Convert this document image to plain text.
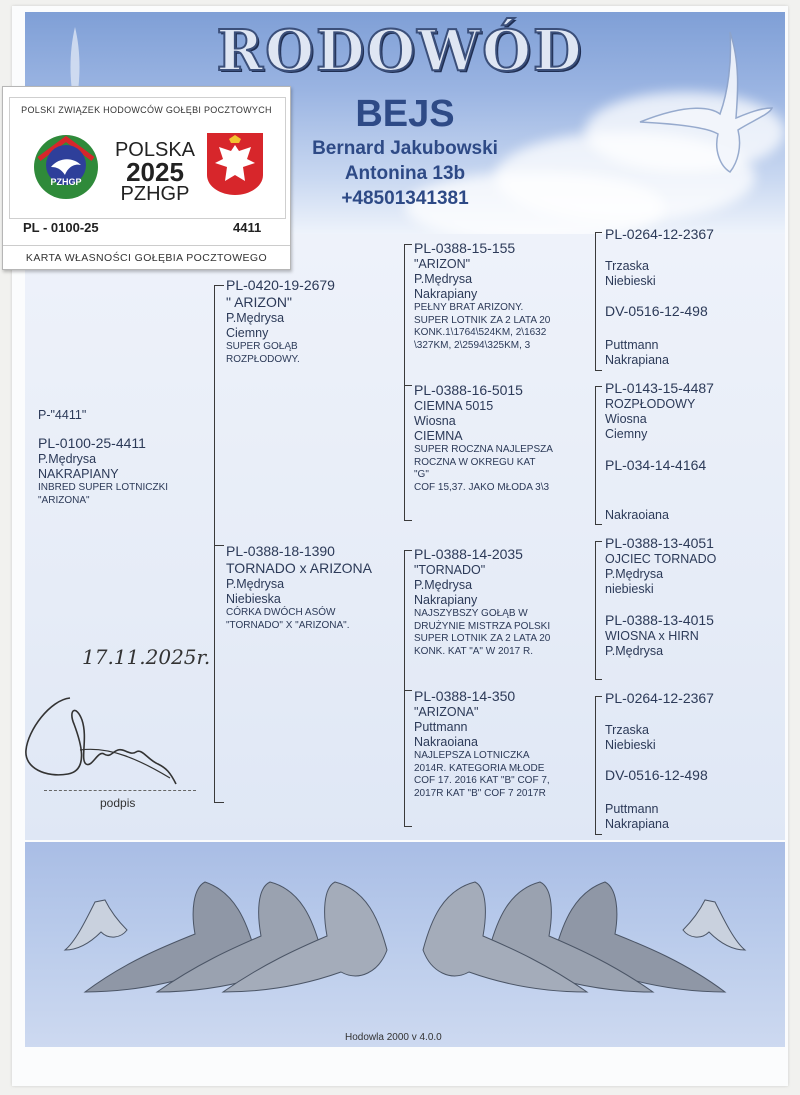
RODOWÓD
BEJS
Bernard Jakubowski
Antonina 13b
+48501341381
POLSKI ZWIĄZEK HODOWCÓW GOŁĘBI POCZTOWYCH
PZHGP
POLSKA
2025
PZHGP
PL - 0100-25	4411
KARTA WŁASNOŚCI GOŁĘBIA POCZTOWEGO
P-"4411"
PL-0100-25-4411
P.Mędrysa
NAKRAPIANY
INBRED SUPER LOTNICZKI
"ARIZONA"
PL-0420-19-2679
" ARIZON"
P.Mędrysa
Ciemny
SUPER GOŁĄB
ROZPŁODOWY.
PL-0388-18-1390
TORNADO x ARIZONA
P.Mędrysa
Niebieska
CÓRKA DWÓCH ASÓW
"TORNADO" X "ARIZONA".
PL-0388-15-155
"ARIZON"
P.Mędrysa
Nakrapiany
PEŁNY BRAT ARIZONY.
SUPER LOTNIK ZA 2 LATA 20
KONK.1\1764\524KM, 2\1632
\327KM, 2\2594\325KM, 3
PL-0388-16-5015
CIEMNA 5015
Wiosna
CIEMNA
SUPER ROCZNA NAJLEPSZA
ROCZNA W OKREGU KAT
"G"
COF 15,37. JAKO MŁODA 3\3
PL-0388-14-2035
"TORNADO"
P.Mędrysa
Nakrapiany
NAJSZYBSZY GOŁĄB W
DRUŻYNIE MISTRZA POLSKI
SUPER LOTNIK ZA 2 LATA 20
KONK. KAT "A" W 2017 R.
PL-0388-14-350
"ARIZONA"
Puttmann
Nakraoiana
NAJLEPSZA LOTNICZKA
2014R. KATEGORIA MŁODE
COF 17. 2016 KAT "B" COF 7,
2017R KAT "B" COF 7 2017R
PL-0264-12-2367
Trzaska
Niebieski
DV-0516-12-498
Puttmann
Nakrapiana
PL-0143-15-4487
ROZPŁODOWY
Wiosna
Ciemny
PL-034-14-4164
Nakraoiana
PL-0388-13-4051
OJCIEC TORNADO
P.Mędrysa
niebieski
PL-0388-13-4015
WIOSNA x HIRN
P.Mędrysa
PL-0264-12-2367
Trzaska
Niebieski
DV-0516-12-498
Puttmann
Nakrapiana
17.11.2025r.
podpis
Hodowla 2000 v 4.0.0
